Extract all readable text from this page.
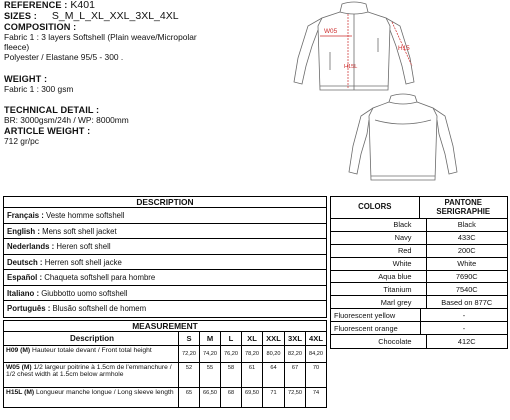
REFERENCE : K401
SIZES : S_M_L_XL_XXL_3XL_4XL
COMPOSITION :
Fabric 1 : 3 layers Softshell (Plain weave/Micropolar fleece)
Polyester / Elastane 95/5 - 300 .
WEIGHT :
Fabric 1 : 300 gsm
TECHNICAL DETAIL :
BR: 3000gsm/24h / WP: 8000mm
ARTICLE WEIGHT :
712 gr/pc
W05
H15
H15L
DESCRIPTION
Français : Veste homme softshell
English : Mens soft shell jacket
Nederlands : Heren soft shell
Deutsch : Herren soft shell jacke
Español : Chaqueta softshell para hombre
Italiano : Giubbotto uomo softshell
Português : Blusão softshell de homem
MEASUREMENT
Description	S	M	L	XL	XXL 3XL 4XL
H09 (M) Hauteur totale devant / Front total height	72,20	74,20	76,20	78,20	80,20	82,20	84,20
W05 (M) 1/2 largeur poitrine à 1.5cm de l'emmanchure / 1/2 chest width at 1.5cm below armhole
52	55	58	61	64	67	70
H15L (M) Longueur manche longue / Long sleeve length	65	66,50	68	69,50	71	72,50	74
COLORS	PANTONE SERIGRAPHIE
Black	Black
Navy	433C
Red	200C
White	White
Aqua blue	7690C
Titanium	7540C
Marl grey	Based on 877C
Fluorescent yellow	-
Fluorescent orange	-
Chocolate	412C
